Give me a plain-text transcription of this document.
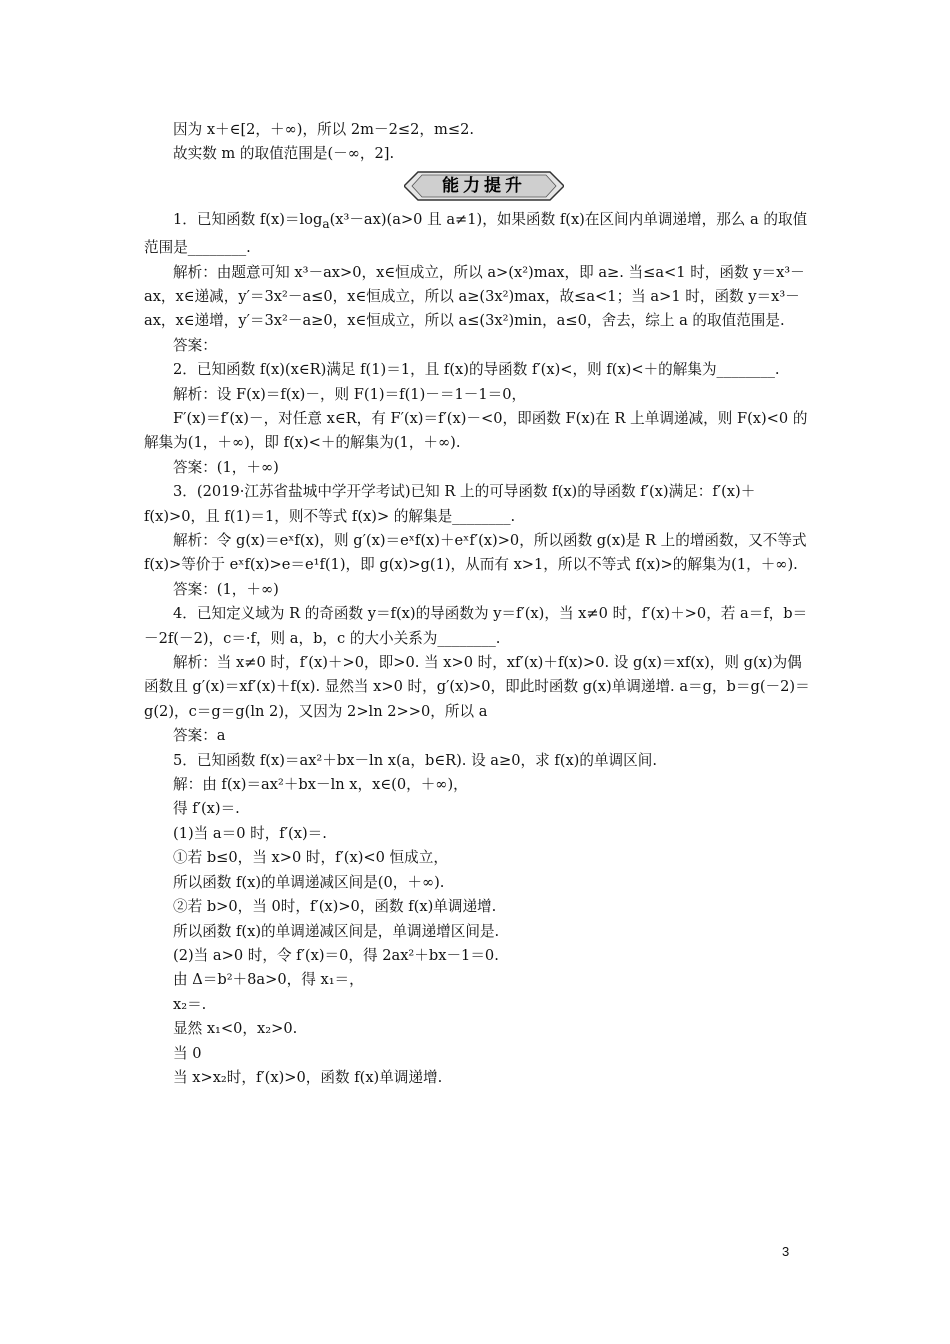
因为 x＋∈[2，＋∞)，所以 2m－2≤2，m≤2.

故实数 m 的取值范围是(－∞，2].

能力提升

1．已知函数 $f(x)=\log_a(x^3-ax)(a>0$ 且 a≠1)，如果函数 f(x)在区间内单调递增，那么 a 的取值范围是________.

解析：由题意可知 x³－ax>0，x∈恒成立，所以 a>(x²)max，即 a≥. 当≤a<1 时，函数 y＝x³－ax，x∈递减，y′＝3x²－a≤0，x∈恒成立，所以 a≥(3x²)max，故≤a<1；当 a>1 时，函数 y＝x³－ax，x∈递增，y′＝3x²－a≥0，x∈恒成立，所以 a≤(3x²)min，a≤0，舍去，综上 a 的取值范围是.

答案：

2．已知函数 f(x)(x∈R)满足 f(1)＝1，且 f(x)的导函数 f′(x)<，则 f(x)<＋的解集为________.

解析：设 F(x)＝f(x)－，则 F(1)＝f(1)－＝1－1＝0，

F′(x)＝f′(x)－，对任意 x∈R，有 F′(x)＝f′(x)－<0，即函数 F(x)在 R 上单调递减，则 F(x)<0 的解集为(1，＋∞)，即 f(x)<＋的解集为(1，＋∞).

答案：(1，＋∞)

3．(2019·江苏省盐城中学开学考试)已知 R 上的可导函数 f(x)的导函数 f′(x)满足：f′(x)＋f(x)>0，且 f(1)＝1，则不等式 f(x)> 的解集是________.

解析：令 g(x)＝eˣf(x)，则 g′(x)＝eˣf(x)＋eˣf′(x)>0，所以函数 g(x)是 R 上的增函数，又不等式 f(x)>等价于 eˣf(x)>e＝e¹f(1)，即 g(x)>g(1)，从而有 x>1，所以不等式 f(x)>的解集为(1，＋∞).

答案：(1，＋∞)

4．已知定义域为 R 的奇函数 y＝f(x)的导函数为 y＝f′(x)，当 x≠0 时，f′(x)＋>0，若 a＝f，b＝－2f(－2)，c＝·f，则 a，b，c 的大小关系为________.

解析：当 x≠0 时，f′(x)＋>0，即>0. 当 x>0 时，xf′(x)＋f(x)>0. 设 g(x)＝xf(x)，则 g(x)为偶函数且 g′(x)＝xf′(x)＋f(x). 显然当 x>0 时，g′(x)>0，即此时函数 g(x)单调递增. a＝g，b＝g(－2)＝g(2)，c＝g＝g(ln 2)，又因为 2>ln 2>>0，所以 a

答案：a

5．已知函数 f(x)＝ax²＋bx－ln x(a，b∈R). 设 a≥0，求 f(x)的单调区间.

解：由 f(x)＝ax²＋bx－ln x，x∈(0，＋∞)，

得 f′(x)＝.

(1)当 a＝0 时，f′(x)＝.

①若 b≤0，当 x>0 时，f′(x)<0 恒成立，

所以函数 f(x)的单调递减区间是(0，＋∞).

②若 b>0，当 0时，f′(x)>0，函数 f(x)单调递增.

所以函数 f(x)的单调递减区间是，单调递增区间是.

(2)当 a>0 时，令 f′(x)＝0，得 2ax²＋bx－1＝0.

由 Δ＝b²＋8a>0，得 x₁＝，

x₂＝.

显然 x₁<0，x₂>0.

当 0

当 x>x₂时，f′(x)>0，函数 f(x)单调递增.

3
